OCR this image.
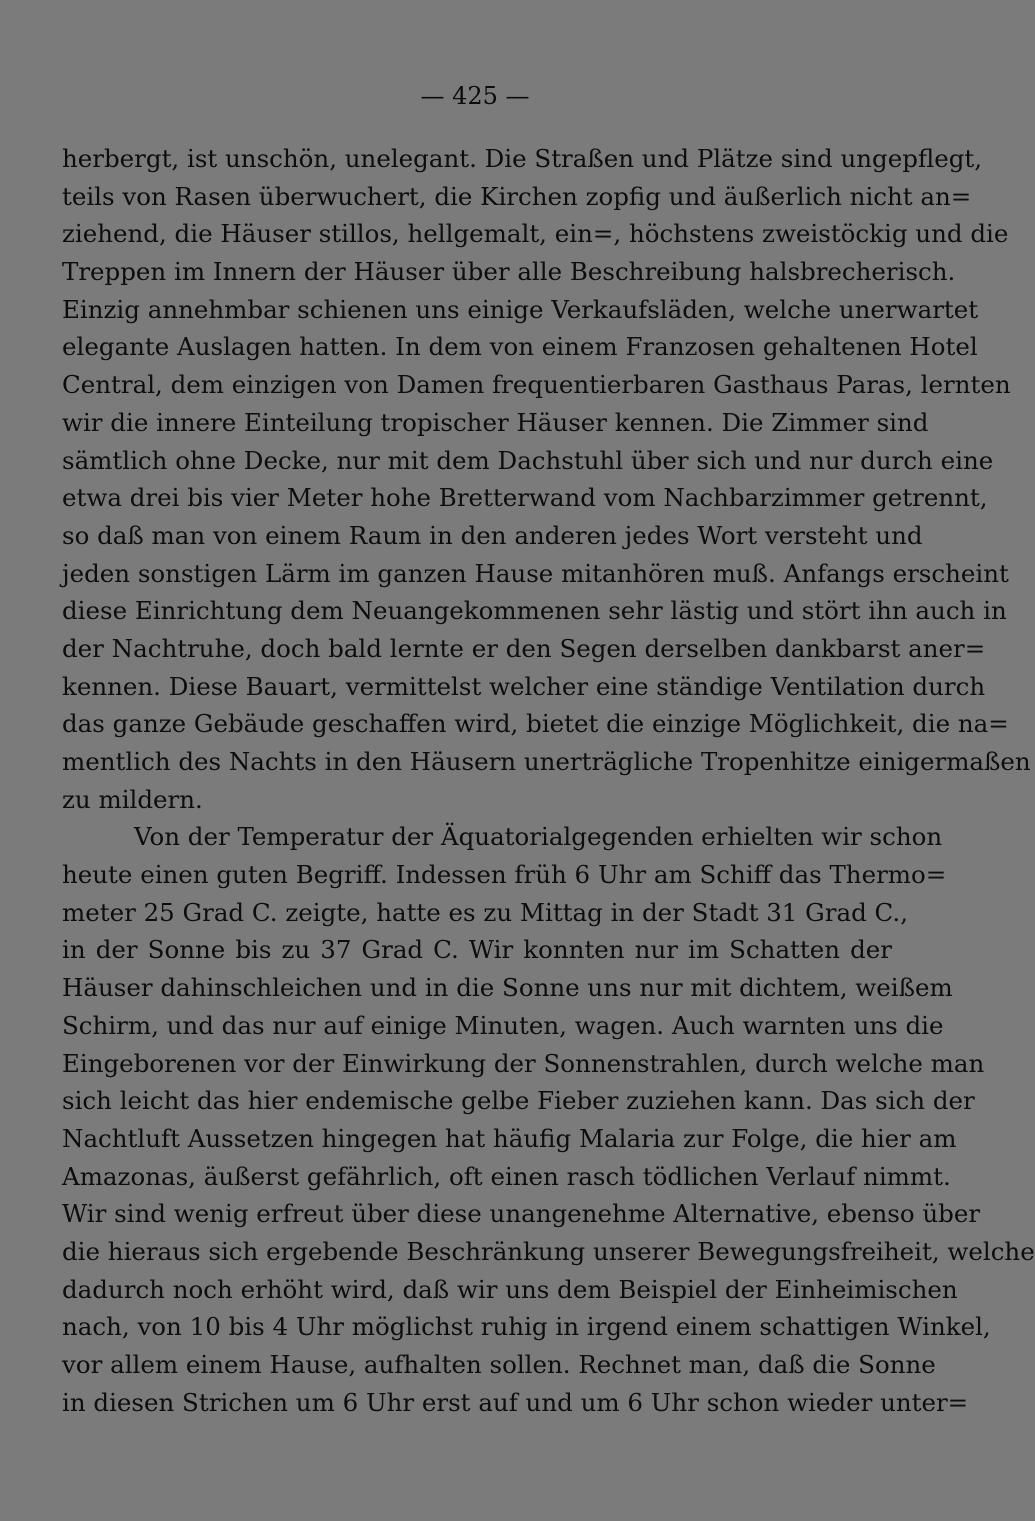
— 425 —

herbergt, ist unschön, unelegant. Die Straßen und Plätze sind ungepflegt,
teils von Rasen überwuchert, die Kirchen zopfig und äußerlich nicht an=
ziehend, die Häuser stillos, hellgemalt, ein=, höchstens zweistöckig und die
Treppen im Innern der Häuser über alle Beschreibung halsbrecherisch.
Einzig annehmbar schienen uns einige Verkaufsläden, welche unerwartet
elegante Auslagen hatten. In dem von einem Franzosen gehaltenen Hotel
Central, dem einzigen von Damen frequentierbaren Gasthaus Paras, lernten
wir die innere Einteilung tropischer Häuser kennen. Die Zimmer sind
sämtlich ohne Decke, nur mit dem Dachstuhl über sich und nur durch eine
etwa drei bis vier Meter hohe Bretterwand vom Nachbarzimmer getrennt,
so daß man von einem Raum in den anderen jedes Wort versteht und
jeden sonstigen Lärm im ganzen Hause mitanhören muß. Anfangs erscheint
diese Einrichtung dem Neuangekommenen sehr lästig und stört ihn auch in
der Nachtruhe, doch bald lernte er den Segen derselben dankbarst aner=
kennen. Diese Bauart, vermittelst welcher eine ständige Ventilation durch
das ganze Gebäude geschaffen wird, bietet die einzige Möglichkeit, die na=
mentlich des Nachts in den Häusern unerträgliche Tropenhitze einigermaßen
zu mildern.
Von der Temperatur der Äquatorialgegenden erhielten wir schon
heute einen guten Begriff. Indessen früh 6 Uhr am Schiff das Thermo=
meter 25 Grad C. zeigte, hatte es zu Mittag in der Stadt 31 Grad C.,
in der Sonne bis zu 37 Grad C. Wir konnten nur im Schatten der
Häuser dahinschleichen und in die Sonne uns nur mit dichtem, weißem
Schirm, und das nur auf einige Minuten, wagen. Auch warnten uns die
Eingeborenen vor der Einwirkung der Sonnenstrahlen, durch welche man
sich leicht das hier endemische gelbe Fieber zuziehen kann. Das sich der
Nachtluft Aussetzen hingegen hat häufig Malaria zur Folge, die hier am
Amazonas, äußerst gefährlich, oft einen rasch tödlichen Verlauf nimmt.
Wir sind wenig erfreut über diese unangenehme Alternative, ebenso über
die hieraus sich ergebende Beschränkung unserer Bewegungsfreiheit, welche
dadurch noch erhöht wird, daß wir uns dem Beispiel der Einheimischen
nach, von 10 bis 4 Uhr möglichst ruhig in irgend einem schattigen Winkel,
vor allem einem Hause, aufhalten sollen. Rechnet man, daß die Sonne
in diesen Strichen um 6 Uhr erst auf und um 6 Uhr schon wieder unter=
